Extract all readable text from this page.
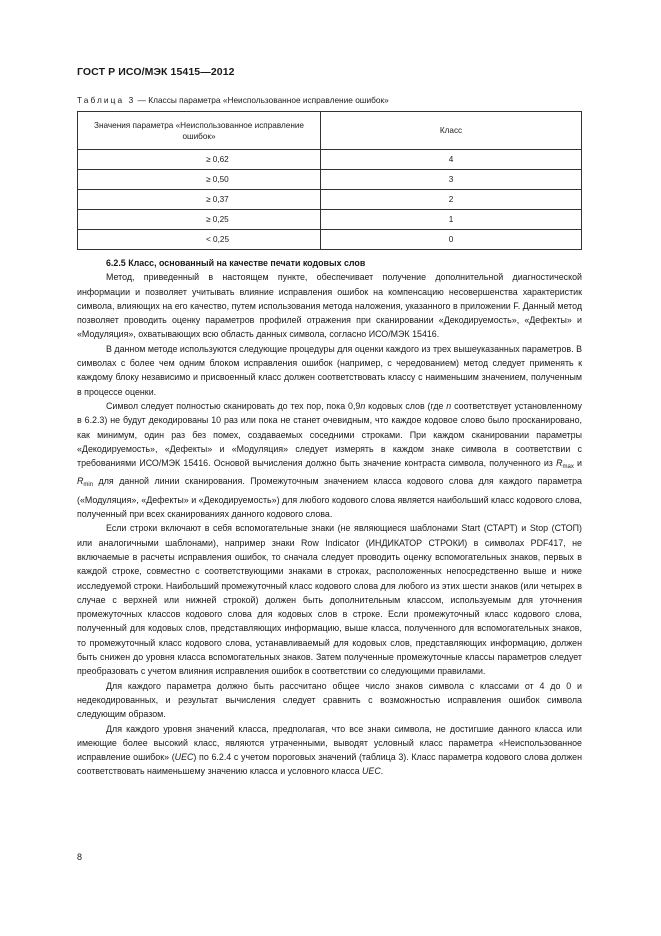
ГОСТ Р ИСО/МЭК 15415—2012
Таблица 3 — Классы параметра «Неиспользованное исправление ошибок»
Значения параметра «Неиспользованное исправление ошибок»	Класс
≥ 0,62	4
≥ 0,50	3
≥ 0,37	2
≥ 0,25	1
< 0,25	0

6.2.5 Класс, основанный на качестве печати кодовых слов

Метод, приведенный в настоящем пункте, обеспечивает получение дополнительной диагностической информации и позволяет учитывать влияние исправления ошибок на компенсацию несовершенства характеристик символа, влияющих на его качество, путем использования метода наложения, указанного в приложении F. Данный метод позволяет проводить оценку параметров профилей отражения при сканировании «Декодируемость», «Дефекты» и «Модуляция», охватывающих всю область данных символа, согласно ИСО/МЭК 15416.

В данном методе используются следующие процедуры для оценки каждого из трех вышеуказанных параметров. В символах с более чем одним блоком исправления ошибок (например, с чередованием) метод следует применять к каждому блоку независимо и присвоенный класс должен соответствовать классу с наименьшим значением, полученным в процессе оценки.

Символ следует полностью сканировать до тех пор, пока 0,9n кодовых слов (где n соответствует установленному в 6.2.3) не будут декодированы 10 раз или пока не станет очевидным, что каждое кодовое слово было просканировано, как минимум, один раз без помех, создаваемых соседними строками. При каждом сканировании параметры «Декодируемость», «Дефекты» и «Модуляция» следует измерять в каждом знаке символа в соответствии с требованиями ИСО/МЭК 15416. Основой вычисления должно быть значение контраста символа, полученного из $R_{max}$ и $R_{min}$ для данной линии сканирования. Промежуточным значением класса кодового слова для каждого параметра («Модуляция», «Дефекты» и «Декодируемость») для любого кодового слова является наибольший класс кодового слова, полученный при всех сканированиях данного кодового слова.

Если строки включают в себя вспомогательные знаки (не являющиеся шаблонами Start (СТАРТ) и Stop (СТОП) или аналогичными шаблонами), например знаки Row Indicator (ИНДИКАТОР СТРОКИ) в символах PDF417, не включаемые в расчеты исправления ошибок, то сначала следует проводить оценку вспомогательных знаков, первых в каждой строке, совместно с соответствующими знаками в строках, расположенных непосредственно выше и ниже исследуемой строки. Наибольший промежуточный класс кодового слова для любого из этих шести знаков (или четырех в случае с верхней или нижней строкой) должен быть дополнительным классом, используемым для уточнения промежуточных классов кодового слова для кодовых слов в строке. Если промежуточный класс кодового слова, полученный для кодовых слов, представляющих информацию, выше класса, полученного для вспомогательных знаков, то промежуточный класс кодового слова, устанавливаемый для кодовых слов, представляющих информацию, должен быть снижен до уровня класса вспомогательных знаков. Затем полученные промежуточные классы параметров следует преобразовать с учетом влияния исправления ошибок в соответствии со следующими правилами.

Для каждого параметра должно быть рассчитано общее число знаков символа с классами от 4 до 0 и недекодированных, и результат вычисления следует сравнить с возможностью исправления ошибок символа следующим образом.

Для каждого уровня значений класса, предполагая, что все знаки символа, не достигшие данного класса или имеющие более высокий класс, являются утраченными, выводят условный класс параметра «Неиспользованное исправление ошибок» (UEC) по 6.2.4 с учетом пороговых значений (таблица 3). Класс параметра кодового слова должен соответствовать наименьшему значению класса и условного класса UEC.

8
